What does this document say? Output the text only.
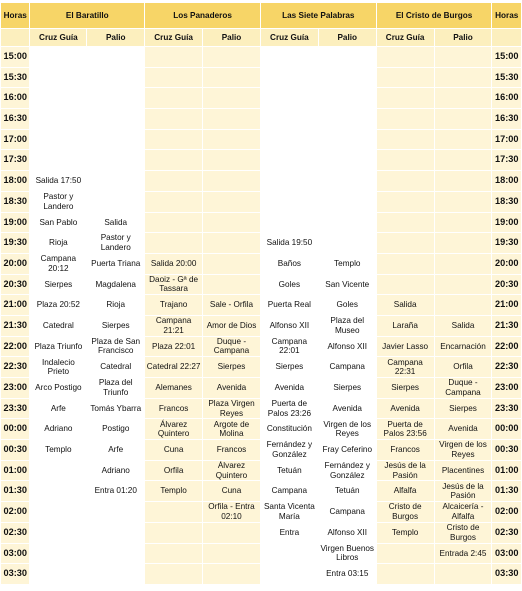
Horas	El Baratillo		Los Panaderos		Las Siete Palabras		El Cristo de Burgos		Horas
	Cruz Guía	Palio	Cruz Guía	Palio	Cruz Guía	Palio	Cruz Guía	Palio	
15:00									15:00
15:30									15:30
16:00									16:00
16:30									16:30
17:00									17:00
17:30									17:30
18:00	Salida 17:50								18:00
18:30	Pastor y Landero								18:30
19:00	San Pablo	Salida							19:00
19:30	Rioja	Pastor y Landero			Salida 19:50				19:30
20:00	Campana 20:12	Puerta Triana	Salida 20:00		Baños	Templo			20:00
20:30	Sierpes	Magdalena	Daoiz - Gª de Tassara		Goles	San Vicente			20:30
21:00	Plaza 20:52	Rioja	Trajano	Sale - Orfila	Puerta Real	Goles	Salida		21:00
21:30	Catedral	Sierpes	Campana 21:21	Amor de Dios	Alfonso XII	Plaza del Museo	Laraña	Salida	21:30
22:00	Plaza Triunfo	Plaza de San Francisco	Plaza 22:01	Duque - Campana	Campana 22:01	Alfonso XII	Javier Lasso	Encarnación	22:00
22:30	Indalecio Prieto	Catedral	Catedral 22:27	Sierpes	Sierpes	Campana	Campana 22:31	Orfila	22:30
23:00	Arco Postigo	Plaza del Triunfo	Alemanes	Avenida	Avenida	Sierpes	Sierpes	Duque - Campana	23:00
23:30	Arfe	Tomás Ybarra	Francos	Plaza Virgen Reyes	Puerta de Palos 23:26	Avenida	Avenida	Sierpes	23:30
00:00	Adriano	Postigo	Álvarez Quintero	Argote de Molina	Constitución	Virgen de los Reyes	Puerta de Palos 23:56	Avenida	00:00
00:30	Templo	Arfe	Cuna	Francos	Fernández y González	Fray Ceferino	Francos	Virgen de los Reyes	00:30
01:00		Adriano	Orfila	Álvarez Quintero	Tetuán	Fernández y González	Jesús de la Pasión	Placentines	01:00
01:30		Entra 01:20	Templo	Cuna	Campana	Tetuán	Alfalfa	Jesús de la Pasión	01:30
02:00				Orfila - Entra 02:10	Santa Vicenta María	Campana	Cristo de Burgos	Alcaicería - Alfalfa	02:00
02:30					Entra	Alfonso XII	Templo	Cristo de Burgos	02:30
03:00						Virgen Buenos Libros		Entrada 2:45	03:00
03:30						Entra 03:15			03:30
